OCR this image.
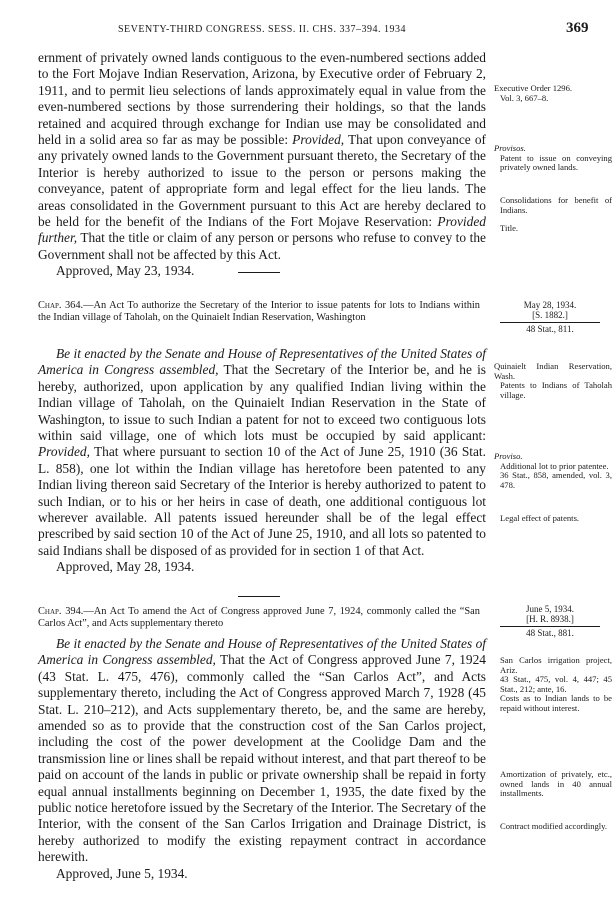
SEVENTY-THIRD CONGRESS. SESS. II. CHS. 337–394. 1934	369

ernment of privately owned lands contiguous to the even-numbered sections added to the Fort Mojave Indian Reservation, Arizona, by Executive order of February 2, 1911, and to permit lieu selections of lands approximately equal in value from the even-numbered sections by those surrendering their holdings, so that the lands retained and acquired through exchange for Indian use may be consolidated and held in a solid area so far as may be possible: Provided, That upon conveyance of any privately owned lands to the Government pursuant thereto, the Secretary of the Interior is hereby authorized to issue to the person or persons making the conveyance, patent of appropriate form and legal effect for the lieu lands. The areas consolidated in the Government pursuant to this Act are hereby declared to be held for the benefit of the Indians of the Fort Mojave Reservation: Provided further, That the title or claim of any person or persons who refuse to convey to the Government shall not be affected by this Act.

Approved, May 23, 1934.

Executive Order 1296.
Vol. 3, 667–8.
Provisos.
Patent to issue on conveying privately owned lands.
Consolidations for benefit of Indians.
Title.
Chap. 364.—An Act To authorize the Secretary of the Interior to issue patents for lots to Indians within the Indian village of Taholah, on the Quinaielt Indian Reservation, Washington
May 28, 1934.
[S. 1882.]
48 Stat., 811.

Be it enacted by the Senate and House of Representatives of the United States of America in Congress assembled, That the Secretary of the Interior be, and he is hereby, authorized, upon application by any qualified Indian living within the Indian village of Taholah, on the Quinaielt Indian Reservation in the State of Washington, to issue to such Indian a patent for not to exceed two contiguous lots within said village, one of which lots must be occupied by said applicant: Provided, That where pursuant to section 10 of the Act of June 25, 1910 (36 Stat. L. 858), one lot within the Indian village has heretofore been patented to any Indian living thereon said Secretary of the Interior is hereby authorized to patent to such Indian, or to his or her heirs in case of death, one additional contiguous lot wherever available. All patents issued hereunder shall be of the legal effect prescribed by said section 10 of the Act of June 25, 1910, and all lots so patented to said Indians shall be disposed of as provided for in section 1 of that Act.

Approved, May 28, 1934.

Quinaielt Indian Reservation, Wash.
Patents to Indians of Taholah village.
Proviso.
Additional lot to prior patentee.
36 Stat., 858, amended, vol. 3, 478.
Legal effect of patents.
Chap. 394.—An Act To amend the Act of Congress approved June 7, 1924, commonly called the “San Carlos Act”, and Acts supplementary thereto
June 5, 1934.
[H. R. 8938.]
48 Stat., 881.

Be it enacted by the Senate and House of Representatives of the United States of America in Congress assembled, That the Act of Congress approved June 7, 1924 (43 Stat. L. 475, 476), commonly called the “San Carlos Act”, and Acts supplementary thereto, including the Act of Congress approved March 7, 1928 (45 Stat. L. 210–212), and Acts supplementary thereto, be, and the same are hereby, amended so as to provide that the construction cost of the San Carlos project, including the cost of the power development at the Coolidge Dam and the transmission line or lines shall be repaid without interest, and that part thereof to be paid on account of the lands in public or private ownership shall be repaid in forty equal annual installments beginning on December 1, 1935, the date fixed by the public notice heretofore issued by the Secretary of the Interior. The Secretary of the Interior, with the consent of the San Carlos Irrigation and Drainage District, is hereby authorized to modify the existing repayment contract in accordance herewith.

Approved, June 5, 1934.

San Carlos irrigation project, Ariz.
43 Stat., 475, vol. 4, 447; 45 Stat., 212; ante, 16.
Costs as to Indian lands to be repaid without interest.
Amortization of privately, etc., owned lands in 40 annual installments.
Contract modified accordingly.
